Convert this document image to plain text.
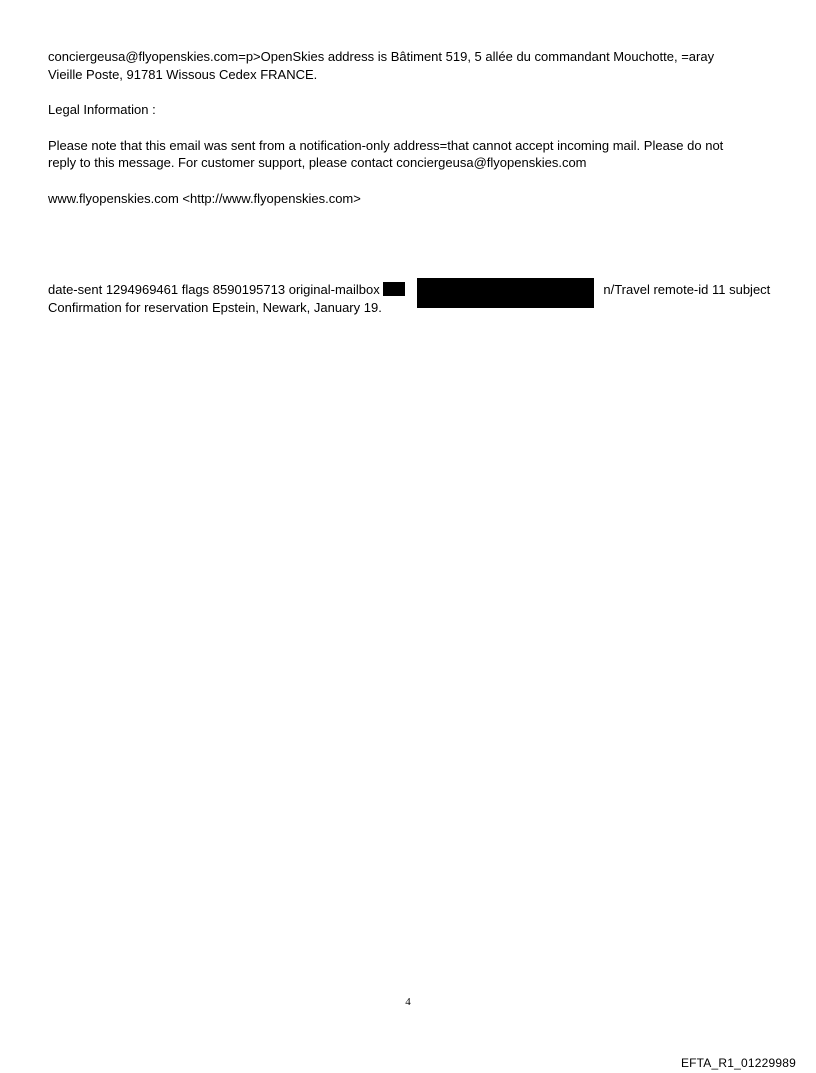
conciergeusa@flyopenskies.com=p>OpenSkies address is Bâtiment 519, 5 allée du commandant Mouchotte, =aray
Vieille Poste, 91781 Wissous Cedex FRANCE.

Legal Information :

Please note that this email was sent from a notification-only address=that cannot accept incoming mail. Please do not
reply to this message. For customer support, please contact conciergeusa@flyopenskies.com

www.flyopenskies.com <http://www.flyopenskies.com>

date-sent 1294969461 flags 8590195713 original-mailbox	n/Travel remote-id 11 subject
Confirmation for reservation Epstein, Newark, January 19.
4
EFTA_R1_01229989
